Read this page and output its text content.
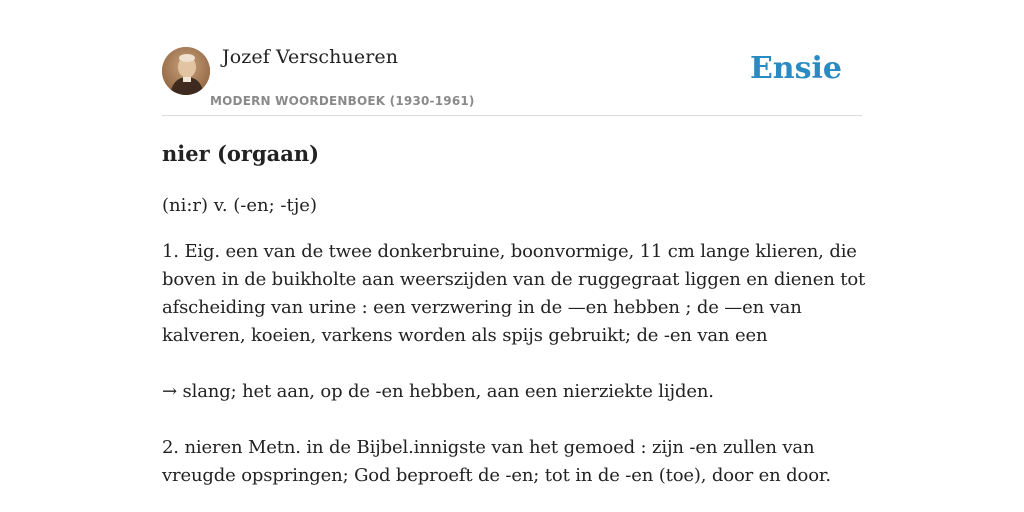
Jozef Verschueren
MODERN WOORDENBOEK (1930-1961)
Ensie
nier (orgaan)

(ni:r) v. (-en; -tje)

1. Eig. een van de twee donkerbruine, boonvormige, 11 cm lange klieren, die boven in de buikholte aan weerszijden van de ruggegraat liggen en dienen tot afscheiding van urine : een verzwering in de —en hebben ; de —en van kalveren, koeien, varkens worden als spijs gebruikt; de -en van een

→ slang; het aan, op de -en hebben, aan een nierziekte lijden.

2. nieren Metn. in de Bijbel.innigste van het gemoed : zijn -en zullen van vreugde opspringen; God beproeft de -en; tot in de -en (toe), door en door.
